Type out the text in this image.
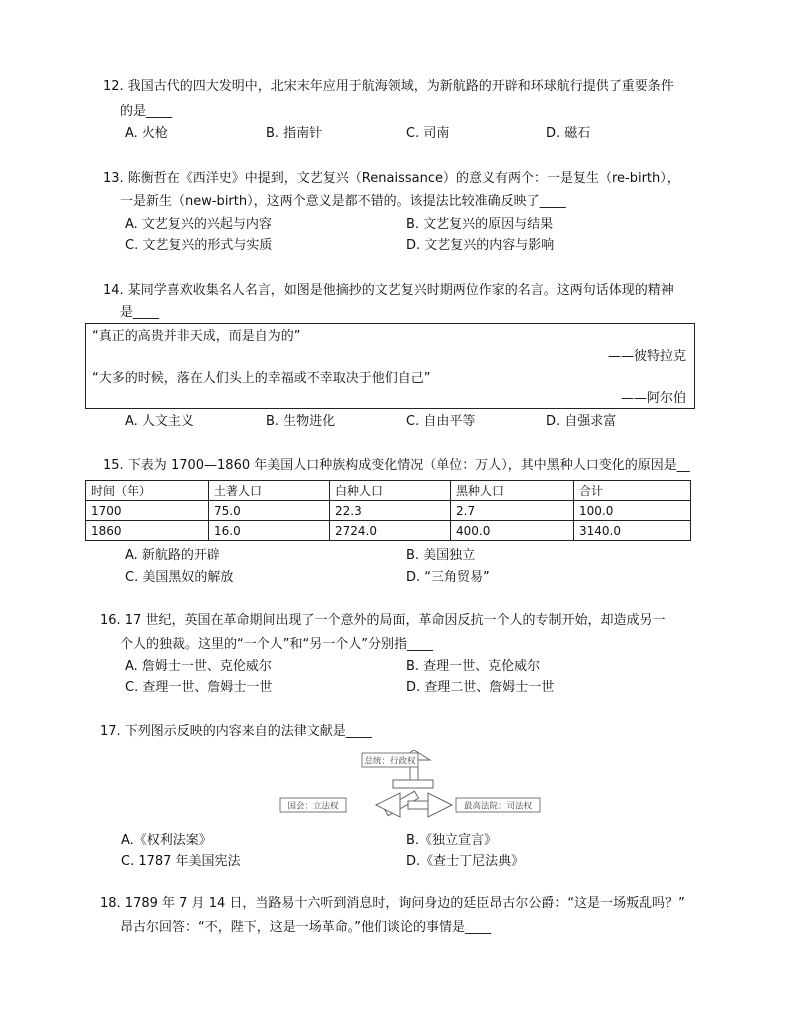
12. 我国古代的四大发明中，北宋末年应用于航海领域，为新航路的开辟和环球航行提供了重要条件
的是____
A. 火枪	B. 指南针	C. 司南	D. 磁石
13. 陈衡哲在《西洋史》中提到，文艺复兴（Renaissance）的意义有两个：一是复生（re-birth），
一是新生（new-birth），这两个意义是都不错的。该提法比较准确反映了____
A. 文艺复兴的兴起与内容	B. 文艺复兴的原因与结果
C. 文艺复兴的形式与实质	D. 文艺复兴的内容与影响
14. 某同学喜欢收集名人名言，如图是他摘抄的文艺复兴时期两位作家的名言。这两句话体现的精神
是____
“真正的高贵并非天成，而是自为的”
——彼特拉克
“大多的时候，落在人们头上的幸福或不幸取决于他们自己”
——阿尔伯
A. 人文主义	B. 生物进化	C. 自由平等	D. 自强求富
15. 下表为 1700—1860 年美国人口种族构成变化情况（单位：万人），其中黑种人口变化的原因是__
时间（年）	土著人口	白种人口	黑种人口	合计
1700	75.0	22.3	2.7	100.0
1860	16.0	2724.0	400.0	3140.0
A. 新航路的开辟	B. 美国独立
C. 美国黑奴的解放	D. “三角贸易”
16. 17 世纪，英国在革命期间出现了一个意外的局面，革命因反抗一个人的专制开始，却造成另一
个人的独裁。这里的“一个人”和“另一个人”分别指____
A. 詹姆士一世、克伦威尔	B. 查理一世、克伦威尔
C. 查理一世、詹姆士一世	D. 查理二世、詹姆士一世
17. 下列图示反映的内容来自的法律文献是____
总统：行政权
国会：立法权	最高法院：司法权
A.《权利法案》	B.《独立宣言》
C. 1787 年美国宪法	D.《查士丁尼法典》
18. 1789 年 7 月 14 日，当路易十六听到消息时，询问身边的廷臣昂古尔公爵：“这是一场叛乱吗？”
昂古尔回答：“不，陛下，这是一场革命。”他们谈论的事情是____
